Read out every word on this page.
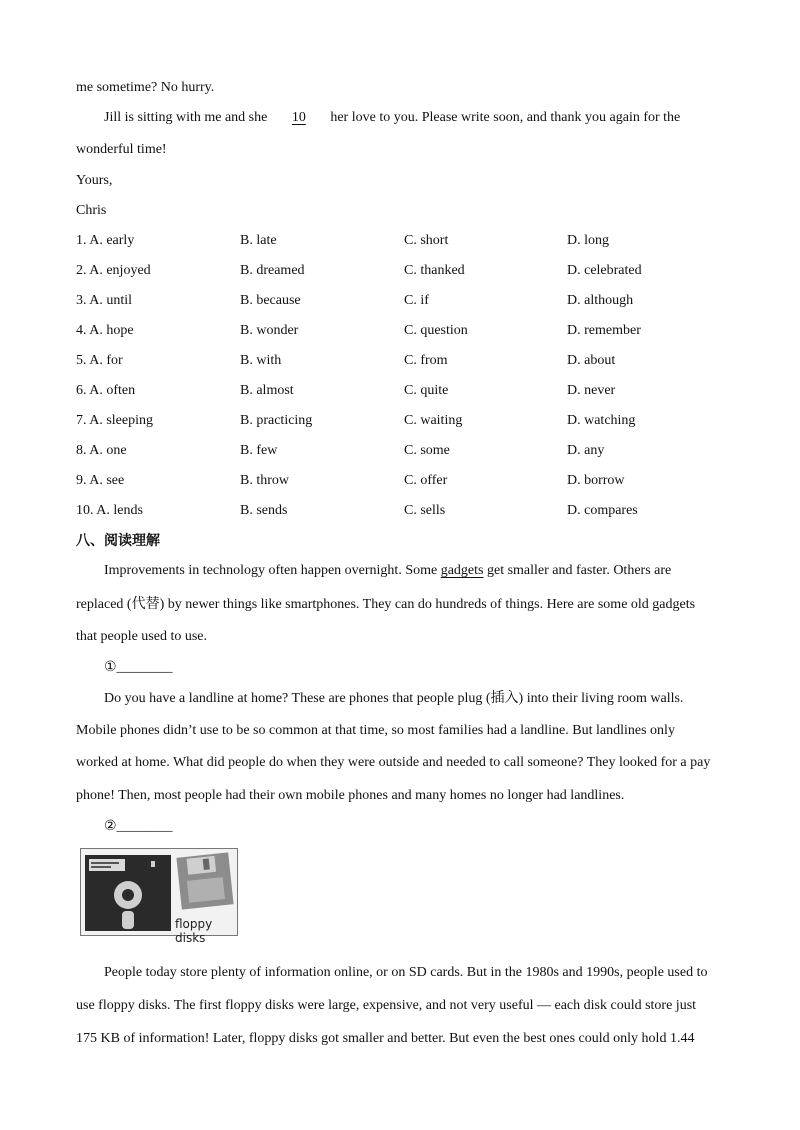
me sometime? No hurry.
Jill is sitting with me and she 10 her love to you. Please write soon, and thank you again for the
wonderful time!
Yours,
Chris
1. A. early	B. late	C. short	D. long
2. A. enjoyed	B. dreamed	C. thanked	D. celebrated
3. A. until	B. because	C. if	D. although
4. A. hope	B. wonder	C. question	D. remember
5. A. for	B. with	C. from	D. about
6. A. often	B. almost	C. quite	D. never
7. A. sleeping	B. practicing	C. waiting	D. watching
8. A. one	B. few	C. some	D. any
9. A. see	B. throw	C. offer	D. borrow
10. A. lends	B. sends	C. sells	D. compares
八、阅读理解
Improvements in technology often happen overnight. Some gadgets get smaller and faster. Others are
replaced (代替) by newer things like smartphones. They can do hundreds of things. Here are some old gadgets
that people used to use.
①________
Do you have a landline at home? These are phones that people plug (插入) into their living room walls.
Mobile phones didn’t use to be so common at that time, so most families had a landline. But landlines only
worked at home. What did people do when they were outside and needed to call someone? They looked for a pay
phone! Then, most people had their own mobile phones and many homes no longer had landlines.
②________
floppy disks
People today store plenty of information online, or on SD cards. But in the 1980s and 1990s, people used to
use floppy disks. The first floppy disks were large, expensive, and not very useful — each disk could store just
175 KB of information! Later, floppy disks got smaller and better. But even the best ones could only hold 1.44
